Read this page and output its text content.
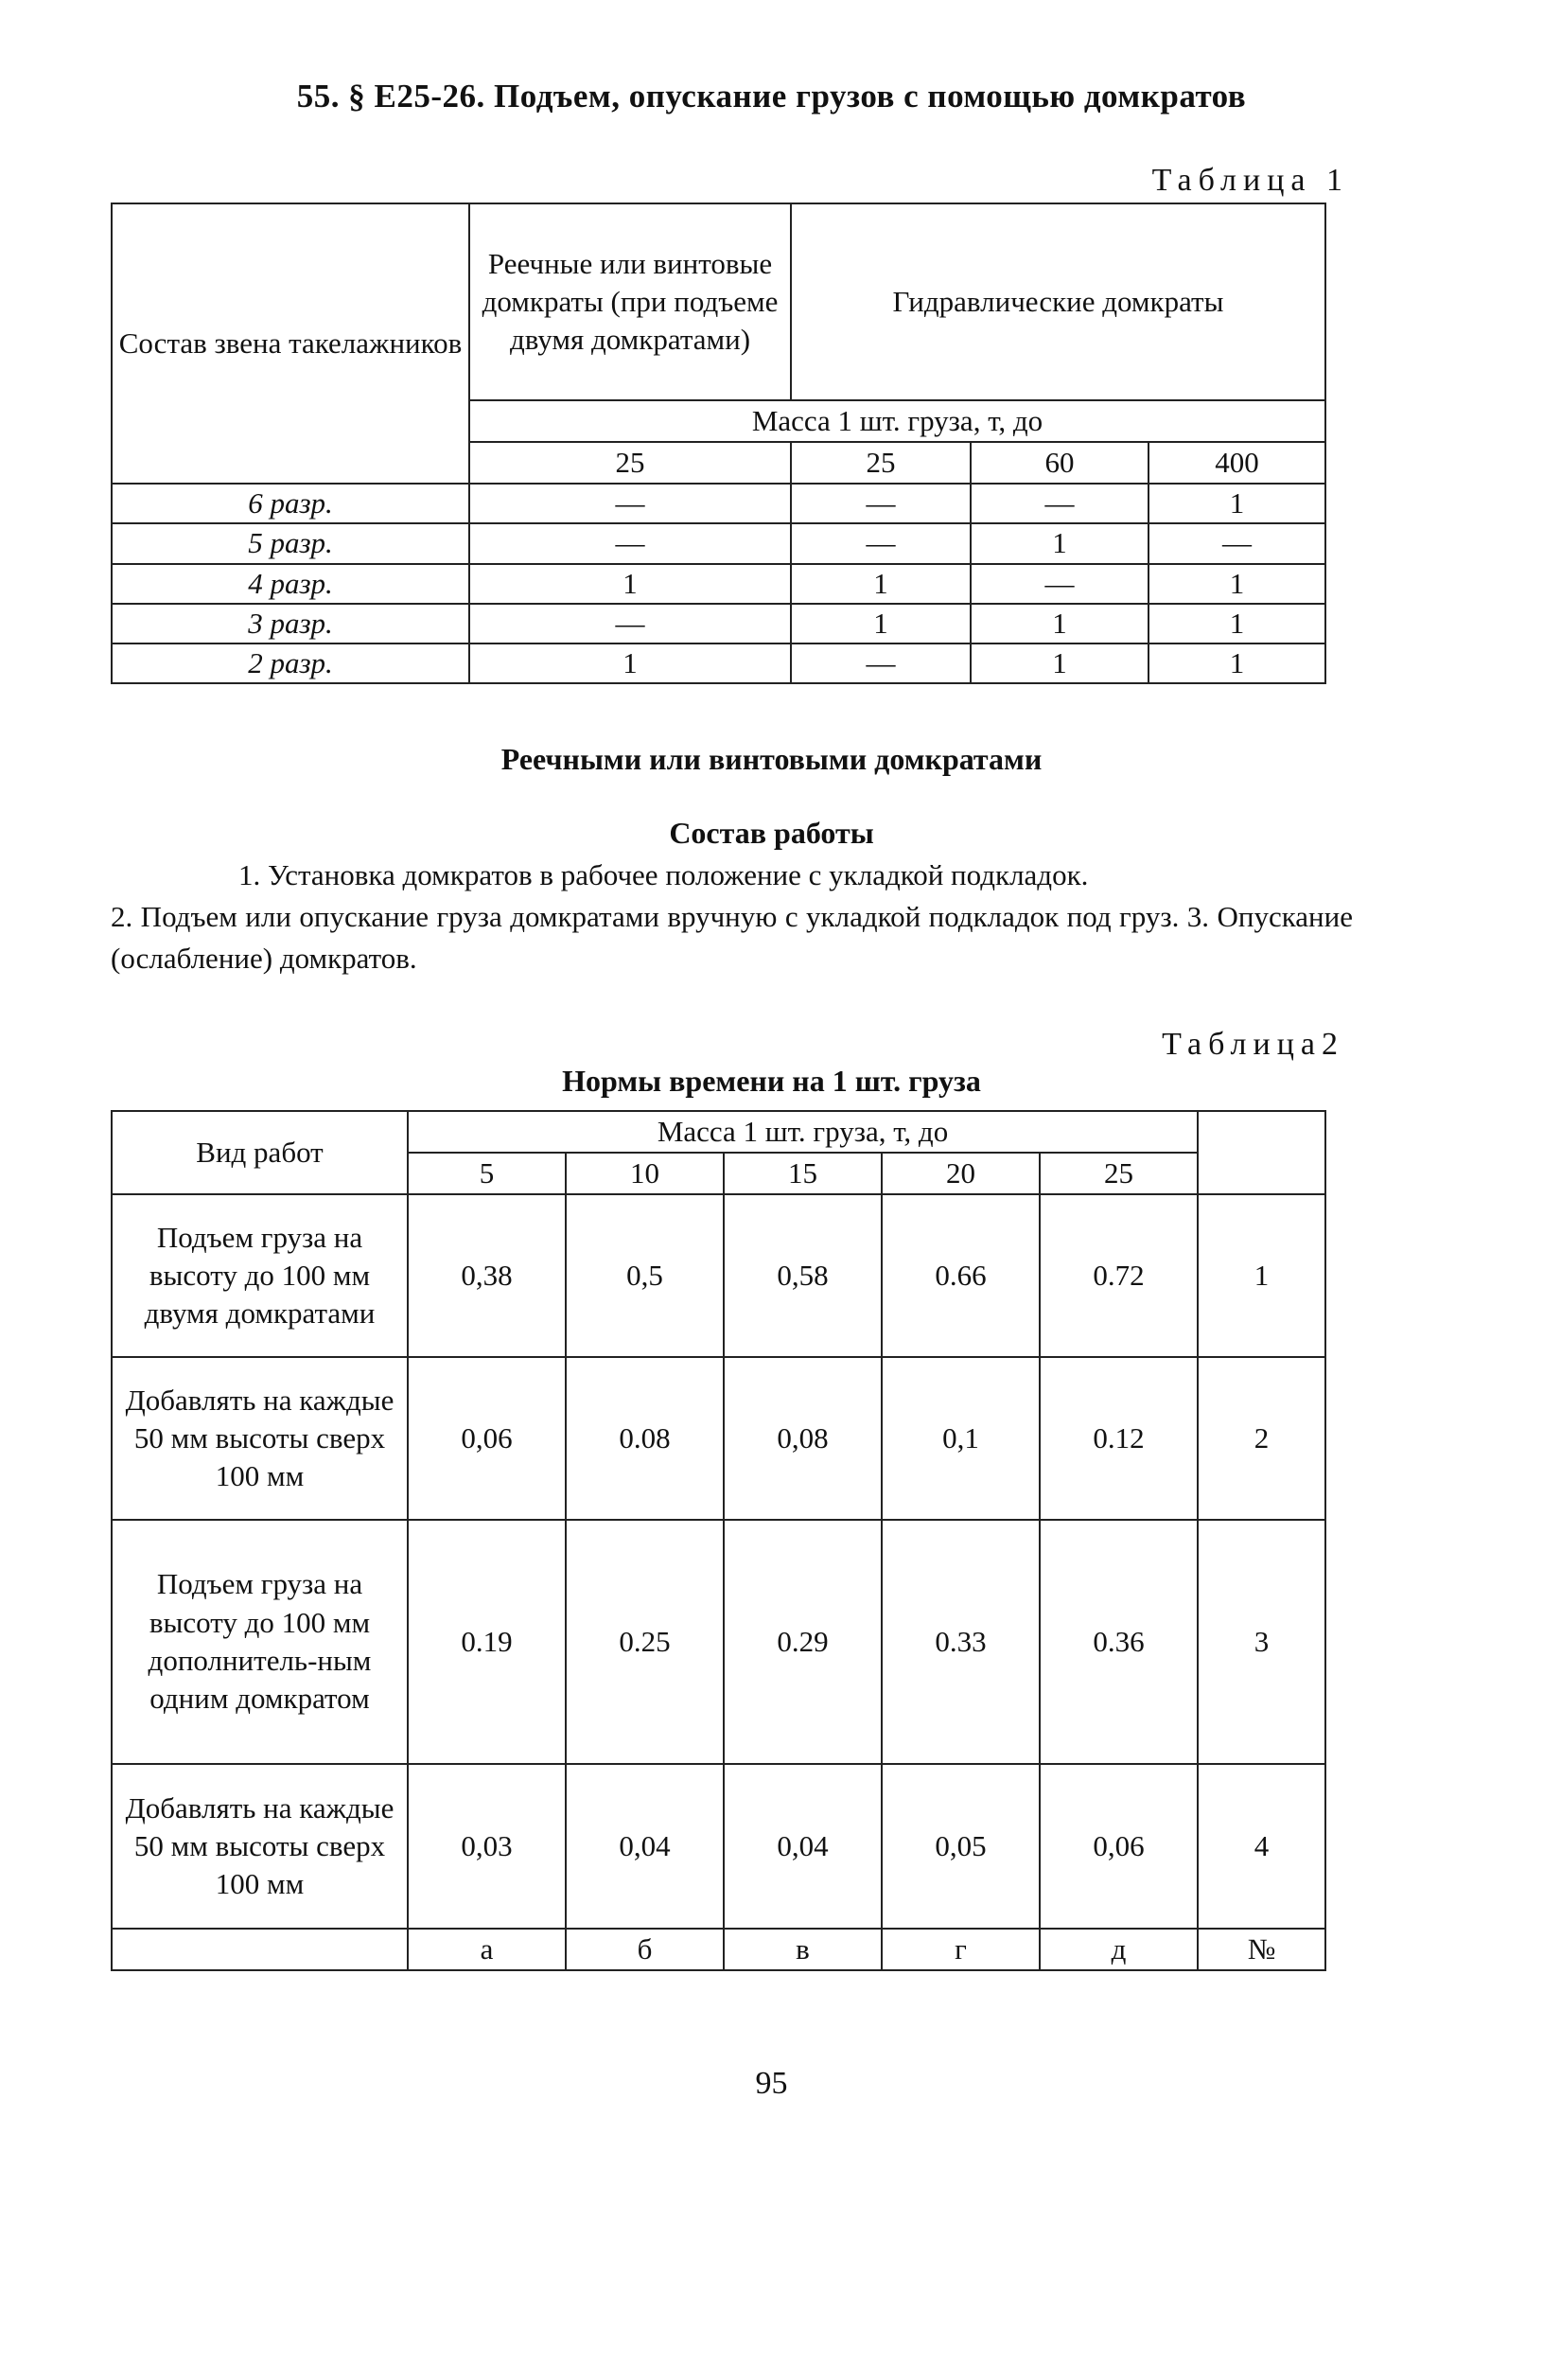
55. § Е25-26. Подъем, опускание грузов с помощью домкратов
Таблица 1
Состав звена такелажников	Реечные или винтовые домкраты (при подъеме двумя домкратами)	Гидравлические домкраты		
	Масса 1 шт. груза, т, до			
	25	25	60	400
6 разр.	—	—	—	1
5 разр.	—	—	1	—
4 разр.	1	1	—	1
3 разр.	—	1	1	1
2 разр.	1	—	1	1
Реечными или винтовыми домкратами
Состав работы

1. Установка домкратов в рабочее положение с укладкой подкладок.

2. Подъем или опускание груза домкратами вручную с укладкой подкладок под груз. 3. Опускание (ослабление) домкратов.

Таблица2
Нормы времени на 1 шт. груза
Вид работ	Масса 1 шт. груза, т, до					
	5	10	15	20	25	
Подъем груза на высоту до 100 мм двумя домкратами	0,38	0,5	0,58	0.66	0.72	1
Добавлять на каждые 50 мм высоты сверх 100 мм	0,06	0.08	0,08	0,1	0.12	2
Подъем груза на высоту до 100 мм дополнитель-ным одним домкратом	0.19	0.25	0.29	0.33	0.36	3
Добавлять на каждые 50 мм высоты сверх 100 мм	0,03	0,04	0,04	0,05	0,06	4
	а	б	в	г	д	№
95
